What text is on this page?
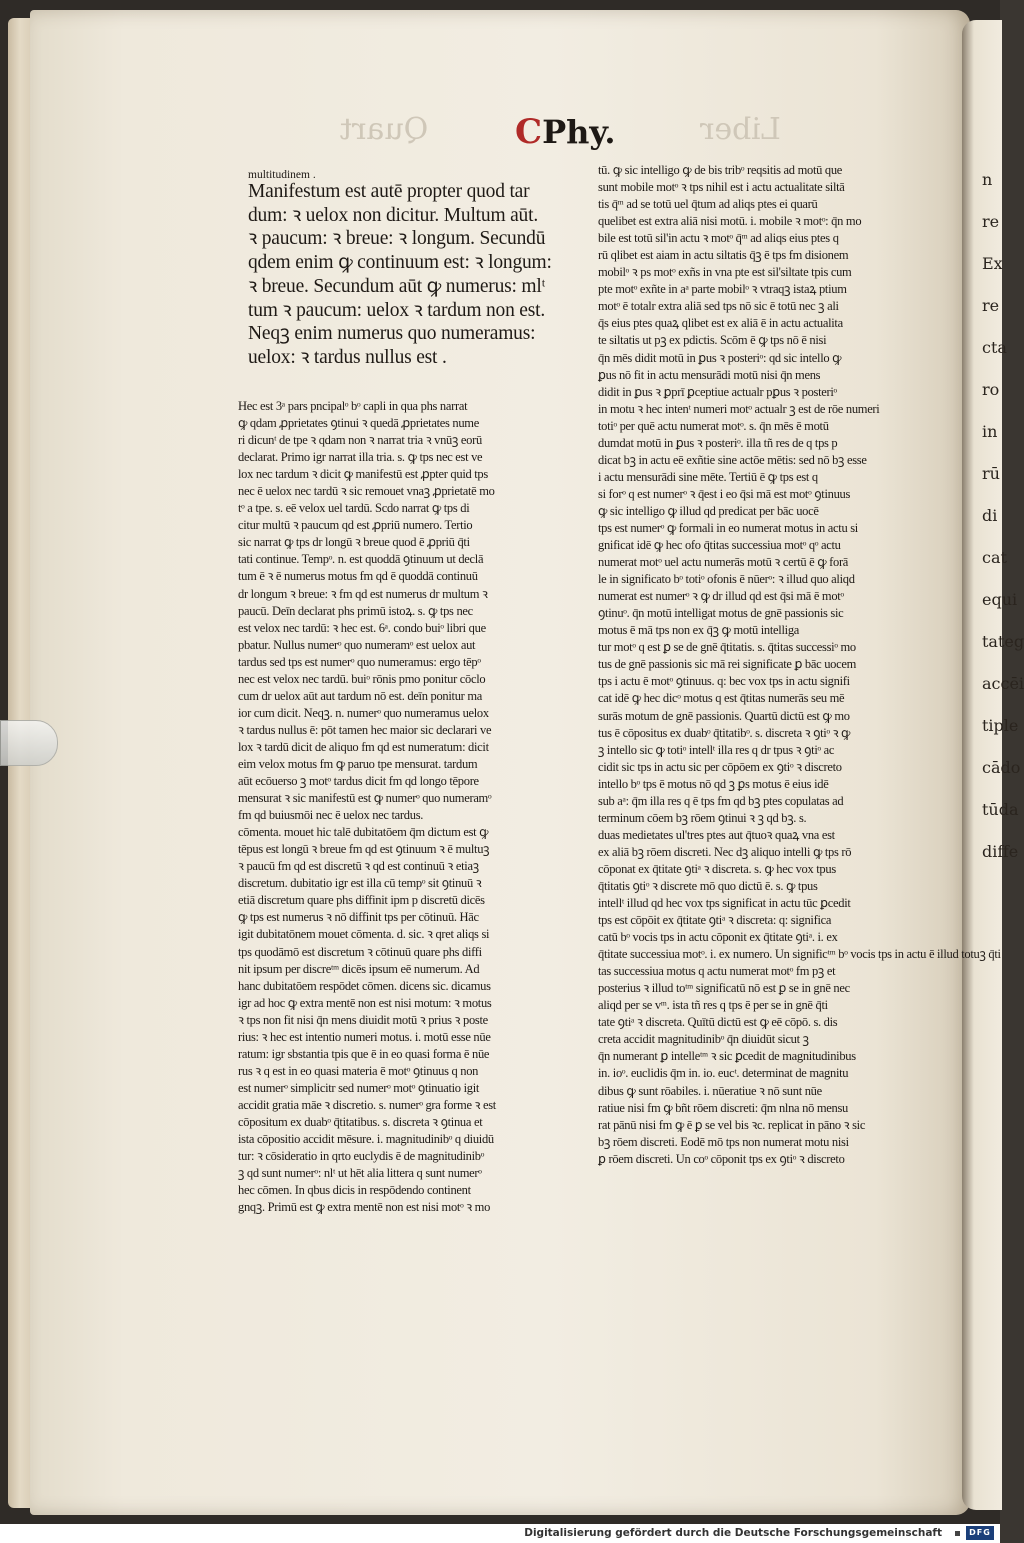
n
re
Ex
re
cta
ro
in
rū
di
cat
equi
tateg
accēi
tiple
cādo
tūda
diffe
Quart	Liber
CPhy.
multitudinem .
Manifestum est autē propter quod tar
dum: ꝛ uelox non dicitur. Multum aūt.
ꝛ paucum: ꝛ breue: ꝛ longum. Secundū
qdem enim ꝙ continuum est: ꝛ longum:
ꝛ breue. Secundum aūt ꝙ numerus: mlᵗ
tum ꝛ paucum: uelox ꝛ tardum non est.
Neqꝫ enim numerus quo numeramus:
uelox: ꝛ tardus nullus est .
Hec est 3ᵃ pars pncipalᵒ bᵒ capli in qua phs narrat
ꝙ qdam ꝓprietates ꝯtinui ꝛ quedā ꝓprietates nume
ri dicunᵗ de tpe ꝛ qdam non ꝛ narrat tria ꝛ vnūꝫ eorū
declarat. Primo igr narrat illa tria. s. ꝙ tps nec est ve
lox nec tardum ꝛ dicit ꝙ manifestū est ꝓpter quid tps
nec ē uelox nec tardū ꝛ sic remouet vnaꝫ ꝓprietatē mo
tᵒ a tpe. s. eē velox uel tardū. Scdo narrat ꝙ tps di
citur multū ꝛ paucum qd est ꝓpriū numero. Tertio
sic narrat ꝙ tps dr longū ꝛ breue quod ē ꝓpriū q̄ti
tati continue. Tempᵒ. n. est quoddā ꝯtinuum ut declā
tum ē ꝛ ē numerus motus fm qd ē quoddā continuū
dr longum ꝛ breue: ꝛ fm qd est numerus dr multum ꝛ
paucū. Deīn declarat phs primū istoꝝ. s. ꝙ tps nec
est velox nec tardū: ꝛ hec est. 6ᵃ. condo buiᵒ libri que
pbatur. Nullus numerᵒ quo numeramᵒ est uelox aut
tardus sed tps est numerᵒ quo numeramus: ergo tēpᵒ
nec est velox nec tardū. buiᵒ rōnis pmo ponitur cōclo
cum dr uelox aūt aut tardum nō est. deīn ponitur ma
ior cum dicit. Neqꝫ. n. numerᵒ quo numeramus uelox
ꝛ tardus nullus ē: pōt tamen hec maior sic declarari ve
lox ꝛ tardū dicit de aliquo fm qd est numeratum: dicit
eim velox motus fm ꝙ paruo tpe mensurat. tardum
aūt ecōuerso ꝫ motᵒ tardus dicit fm qd longo tēpore
mensurat ꝛ sic manifestū est ꝙ numerᵒ quo numeramᵒ
fm qd buiusmōi nec ē uelox nec tardus.
cōmenta. mouet hic talē dubitatōem q̄m dictum est ꝙ
tēpus est longū ꝛ breue fm qd est ꝯtinuum ꝛ ē multuꝫ
ꝛ paucū fm qd est discretū ꝛ qd est continuū ꝛ etiaꝫ
discretum. dubitatio igr est illa cū tempᵒ sit ꝯtinuū ꝛ
etiā discretum quare phs diffinit ipm p discretū dicēs
ꝙ tps est numerus ꝛ nō diffinit tps per cōtinuū. Hāc
igit dubitatōnem mouet cōmenta. d. sic. ꝛ qret aliqs si
tps quodāmō est discretum ꝛ cōtinuū quare phs diffi
nit ipsum per discreᵗᵐ dicēs ipsum eē numerum. Ad
hanc dubitatōem respōdet cōmen. dicens sic. dicamus
igr ad hoc ꝙ extra mentē non est nisi motum: ꝛ motus
ꝛ tps non fit nisi q̄n mens diuidit motū ꝛ prius ꝛ poste
rius: ꝛ hec est intentio numeri motus. i. motū esse nūe
ratum: igr sbstantia tpis que ē in eo quasi forma ē nūe
rus ꝛ q est in eo quasi materia ē motᵒ ꝯtinuus q non
est numerᵒ simplicitr sed numerᵒ motᵒ ꝯtinuatio igit
accidit gratia māe ꝛ discretio. s. numerᵒ gra forme ꝛ est
cōpositum ex duabᵒ q̄titatibus. s. discreta ꝛ ꝯtinua et
ista cōpositio accidit mēsure. i. magnitudinibᵒ q diuidū
tur: ꝛ cōsideratio in qrto euclydis ē de magnitudinibᵒ
ꝫ qd sunt numerᵒ: nlᵗ ut hēt alia littera q sunt numerᵒ
hec cōmen. In qbus dicis in respōdendo continent
gnqꝫ. Primū est ꝙ extra mentē non est nisi motᵒ ꝛ mo
tū. ꝙ sic intelligo ꝙ de bis tribᵒ reqsitis ad motū que
sunt mobile motᵒ ꝛ tps nihil est i actu actualitate siltā
tis q̄ᵐ ad se totū uel q̄tum ad aliqs ptes ei quarū
quelibet est extra aliā nisi motū. i. mobile ꝛ motᵒ: q̄n mo
bile est totū sil'in actu ꝛ motᵒ q̄ᵐ ad aliqs eius ptes q
rū qlibet est aiam in actu siltatis q̄ꝫ ē tps fm disionem
mobilᵒ ꝛ ps motᵒ exñs in vna pte est sil'siltate tpis cum
pte motᵒ exñte in aᵃ parte mobilᵒ ꝛ vtraqꝫ istaꝝ ptium
motᵒ ē totalr extra aliā sed tps nō sic ē totū nec ꝫ ali
q̄s eius ptes quaꝝ qlibet est ex aliā ē in actu actualita
te siltatis ut pꝫ ex pdictis. Scōm ē ꝙ tps nō ē nisi
q̄n mēs didit motū in ꝑus ꝛ posteriᵒ: qd sic intello ꝙ
ꝑus nō fit in actu mensurādi motū nisi q̄n mens
didit in ꝑus ꝛ ꝑprī ꝑceptiue actualr pꝑus ꝛ posteriᵒ
in motu ꝛ hec intenᵗ numeri motᵒ actualr ꝫ est de rōe numeri
totiᵒ per quē actu numerat motᵒ. s. q̄n mēs ē motū
dumdat motū in ꝑus ꝛ posteriᵒ. illa tñ res de q tps p
dicat bꝫ in actu eē exñtie sine actōe mētis: sed nō bꝫ esse
i actu mensurādi sine mēte. Tertiū ē ꝙ tps est q
si forᵒ q est numerᵒ ꝛ q̄est i eo q̄si mā est motᵒ ꝯtinuus
ꝙ sic intelligo ꝙ illud qd predicat per bāc uocē
tps est numerᵒ ꝙ formali in eo numerat motus in actu si
gnificat idē ꝙ hec ofo q̄titas successiua motᵒ qᵒ actu
numerat motᵒ uel actu numerās motū ꝛ certū ē ꝙ forā
le in significato bᵒ totiᵒ ofonis ē nūerᵒ: ꝛ illud quo aliqd
numerat est numerᵒ ꝛ ꝙ dr illud qd est q̄si mā ē motᵒ
ꝯtinuᵒ. q̄n motū intelligat motus de gnē passionis sic
motus ē mā tps non ex q̄ꝫ ꝙ motū intelliga
tur motᵒ q est ꝑ se de gnē q̄titatis. s. q̄titas successiᵒ mo
tus de gnē passionis sic mā rei significate ꝑ bāc uocem
tps i actu ē motᵒ ꝯtinuus. q: bec vox tps in actu signifi
cat idē ꝙ hec dicᵒ motus q est q̄titas numerās seu mē
surās motum de gnē passionis. Quartū dictū est ꝙ mo
tus ē cōpositus ex duabᵒ q̄titatibᵒ. s. discreta ꝛ ꝯtiᵒ ꝛ ꝙ
ꝫ intello sic ꝙ totiᵒ intellᵗ illa res q dr tpus ꝛ ꝯtiᵒ ac
cidit sic tps in actu sic per cōpōem ex ꝯtiᵒ ꝛ discreto
intello bᵒ tps ē motus nō qd ꝫ ꝑs motus ē eius idē
sub aᵃ: q̄m illa res q ē tps fm qd bꝫ ptes copulatas ad
terminum cōem bꝫ rōem ꝯtinui ꝛ ꝫ qd bꝫ. s.
duas medietates ul'tres ptes aut q̄tuoꝛ quaꝝ vna est
ex aliā bꝫ rōem discreti. Nec dꝫ aliquo intelli ꝙ tps rō
cōponat ex q̄titate ꝯtiᵃ ꝛ discreta. s. ꝙ hec vox tpus
q̄titatis ꝯtiᵒ ꝛ discrete mō quo dictū ē. s. ꝙ tpus
intellᵗ illud qd hec vox tps significat in actu tūc ꝑcedit
tps est cōpōit ex q̄titate ꝯtiᵃ ꝛ discreta: q: significa
catū bᵒ vocis tps in actu cōponit ex q̄titate ꝯtiᵃ. i. ex
q̄titate successiua motᵒ. i. ex numero. Un significᵗᵐ bᵒ vocis tps in actu ē illud totuꝫ q̄ti
tas successiua motus q actu numerat motᵒ fm pꝫ et
posterius ꝛ illud toᵗᵐ significatū nō est ꝑ se in gnē nec
aliqd per se vᵐ. ista tñ res q tps ē per se in gnē q̄ti
tate ꝯtiᵃ ꝛ discreta. Quītū dictū est ꝙ eē cōpō. s. dis
creta accidit magnitudinibᵒ q̄n diuidūt sicut ꝫ
q̄n numerant ꝑ intelleᵗᵐ ꝛ sic ꝑcedit de magnitudinibus
in. ioᵒ. euclidis q̄m in. io. eucᵗ. determinat de magnitu
dibus ꝙ sunt rōabiles. i. nūeratiue ꝛ nō sunt nūe
ratiue nisi fm ꝙ bñt rōem discreti: q̄m nlna nō mensu
rat pānū nisi fm ꝙ ē ꝑ se vel bis ꝛc. replicat in pāno ꝛ sic
bꝫ rōem discreti. Eodē mō tps non numerat motu nisi
ꝑ rōem discreti. Un coᵒ cōponit tps ex ꝯtiᵒ ꝛ discreto
Digitalisierung gefördert durch die Deutsche Forschungsgemeinschaft	DFG
